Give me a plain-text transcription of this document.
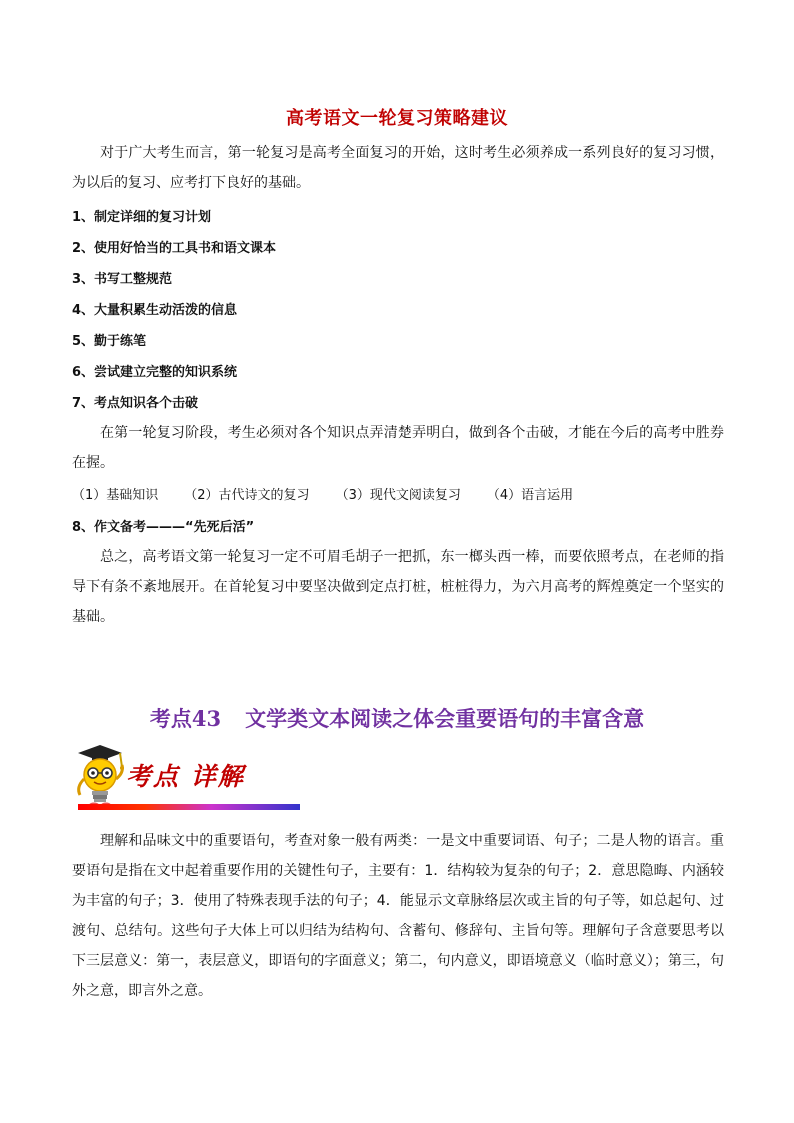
高考语文一轮复习策略建议

对于广大考生而言，第一轮复习是高考全面复习的开始，这时考生必须养成一系列良好的复习习惯，为以后的复习、应考打下良好的基础。

1、制定详细的复习计划
2、使用好恰当的工具书和语文课本
3、书写工整规范
4、大量积累生动活泼的信息
5、勤于练笔
6、尝试建立完整的知识系统
7、考点知识各个击破

在第一轮复习阶段，考生必须对各个知识点弄清楚弄明白，做到各个击破，才能在今后的高考中胜券在握。

（1）基础知识 （2）古代诗文的复习 （3）现代文阅读复习 （4）语言运用
8、作文备考———“先死后活”

总之，高考语文第一轮复习一定不可眉毛胡子一把抓，东一榔头西一棒，而要依照考点，在老师的指导下有条不紊地展开。在首轮复习中要坚决做到定点打桩，桩桩得力，为六月高考的辉煌奠定一个坚实的基础。

考点43 文学类文本阅读之体会重要语句的丰富含意
考点 详解

理解和品味文中的重要语句，考查对象一般有两类：一是文中重要词语、句子；二是人物的语言。重要语句是指在文中起着重要作用的关键性句子，主要有：1．结构较为复杂的句子；2．意思隐晦、内涵较为丰富的句子；3．使用了特殊表现手法的句子；4．能显示文章脉络层次或主旨的句子等，如总起句、过渡句、总结句。这些句子大体上可以归结为结构句、含蓄句、修辞句、主旨句等。理解句子含意要思考以下三层意义：第一，表层意义，即语句的字面意义；第二，句内意义，即语境意义（临时意义）；第三，句外之意，即言外之意。
